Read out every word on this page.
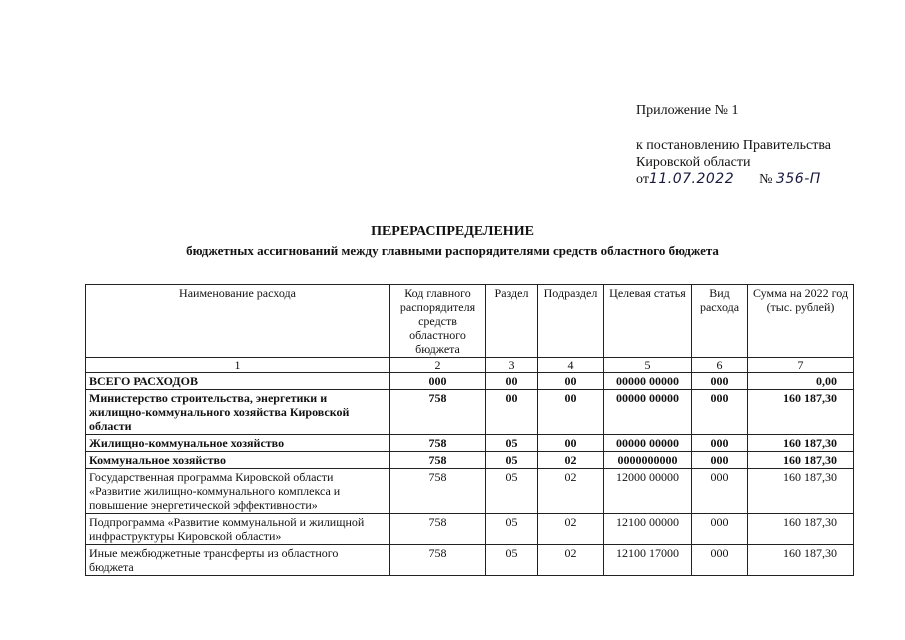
Приложение № 1
к постановлению Правительства
Кировской области
от11.07.2022 № 356-П
ПЕРЕРАСПРЕДЕЛЕНИЕ
бюджетных ассигнований между главными распорядителями средств областного бюджета
Наименование расхода	Код главного распорядителя средств областного бюджета	Раздел	Подраздел	Целевая статья	Вид расхода	Сумма на 2022 год (тыс. рублей)
1	2	3	4	5	6	7
ВСЕГО РАСХОДОВ	000	00	00	00000 00000	000	0,00
Министерство строительства, энергетики и жилищно-коммунального хозяйства Кировской области	758	00	00	00000 00000	000	160 187,30
Жилищно-коммунальное хозяйство	758	05	00	00000 00000	000	160 187,30
Коммунальное хозяйство	758	05	02	0000000000	000	160 187,30
Государственная программа Кировской области «Развитие жилищно-коммунального комплекса и повышение энергетической эффективности»	758	05	02	12000 00000	000	160 187,30
Подпрограмма «Развитие коммунальной и жилищной инфраструктуры Кировской области»	758	05	02	12100 00000	000	160 187,30
Иные межбюджетные трансферты из областного бюджета	758	05	02	12100 17000	000	160 187,30
